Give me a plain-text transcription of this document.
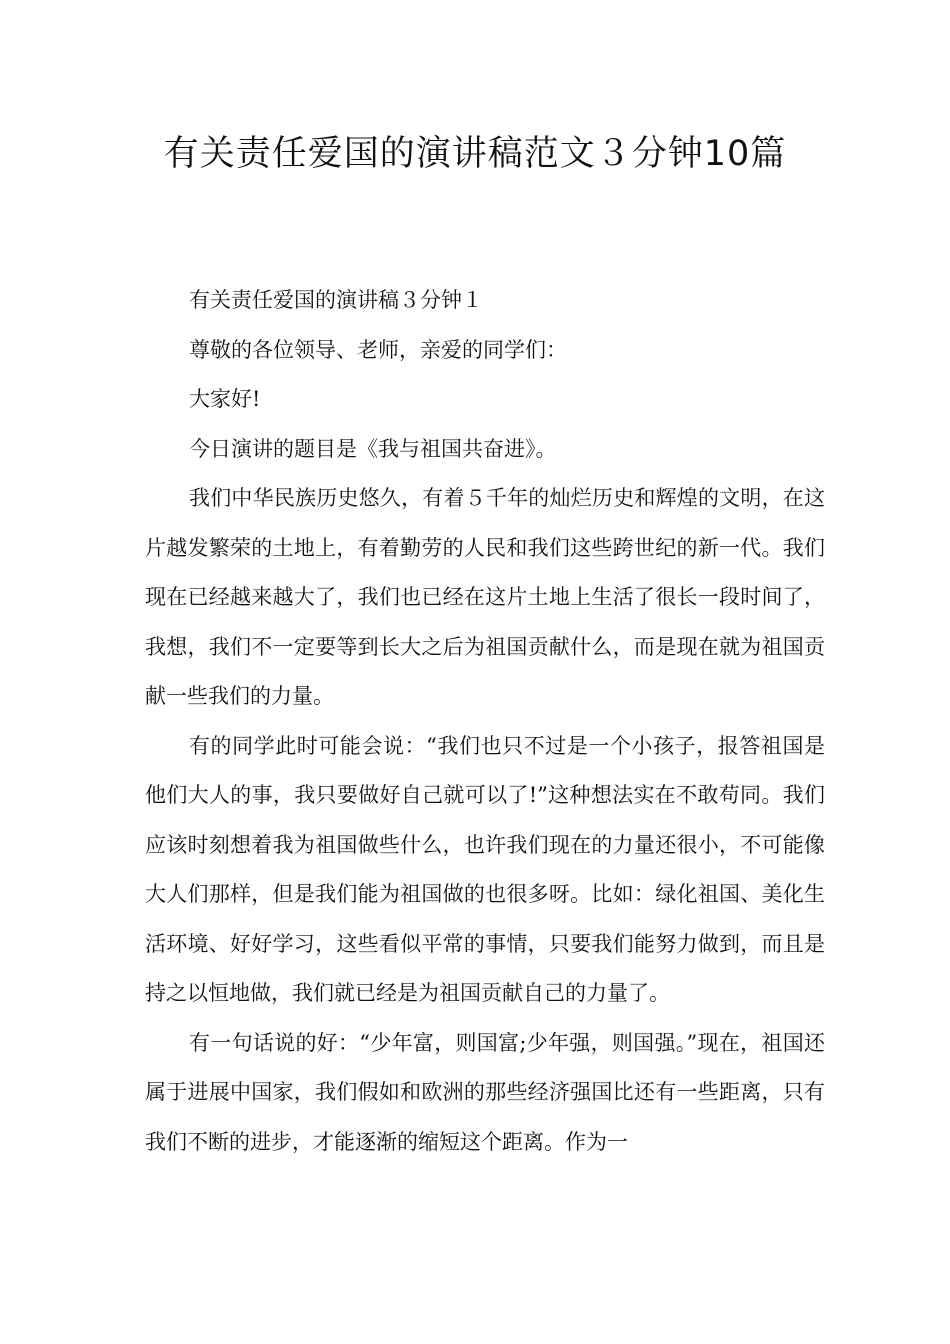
有关责任爱国的演讲稿范文３分钟10篇

有关责任爱国的演讲稿３分钟１

尊敬的各位领导、老师，亲爱的同学们：

大家好!

今日演讲的题目是《我与祖国共奋进》。

我们中华民族历史悠久，有着５千年的灿烂历史和辉煌的文明，在这片越发繁荣的土地上，有着勤劳的人民和我们这些跨世纪的新一代。我们现在已经越来越大了，我们也已经在这片土地上生活了很长一段时间了，我想，我们不一定要等到长大之后为祖国贡献什么，而是现在就为祖国贡献一些我们的力量。

有的同学此时可能会说：“我们也只不过是一个小孩子，报答祖国是他们大人的事，我只要做好自己就可以了!”这种想法实在不敢苟同。我们应该时刻想着我为祖国做些什么，也许我们现在的力量还很小，不可能像大人们那样，但是我们能为祖国做的也很多呀。比如：绿化祖国、美化生活环境、好好学习，这些看似平常的事情，只要我们能努力做到，而且是持之以恒地做，我们就已经是为祖国贡献自己的力量了。

有一句话说的好：“少年富，则国富;少年强，则国强。”现在，祖国还属于进展中国家，我们假如和欧洲的那些经济强国比还有一些距离，只有我们不断的进步，才能逐渐的缩短这个距离。作为一
